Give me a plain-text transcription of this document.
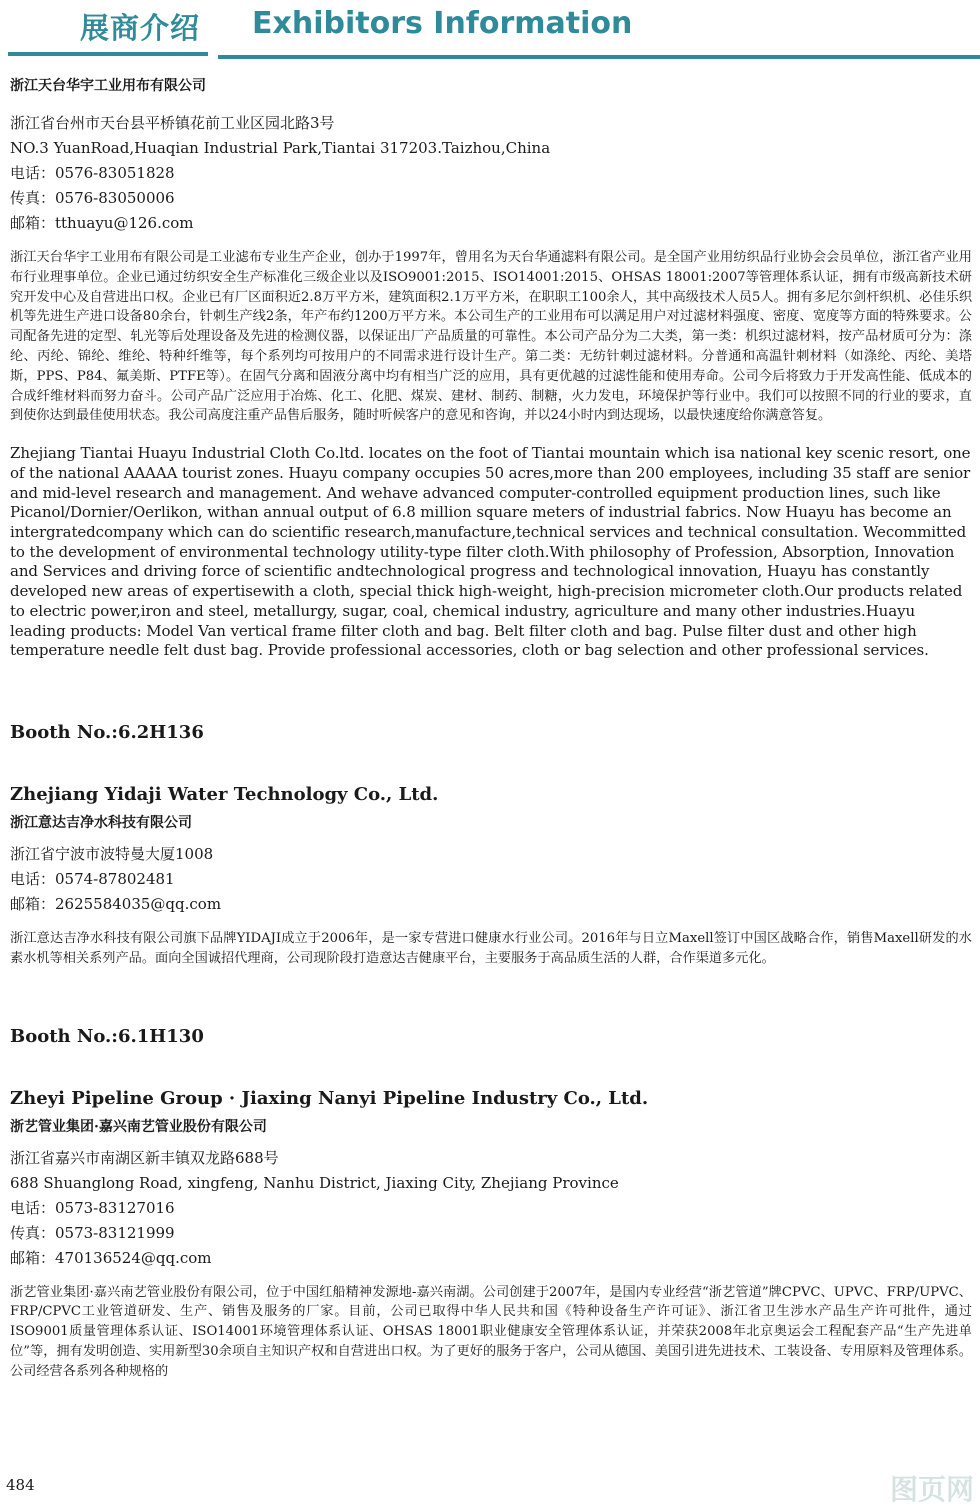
展商介绍 Exhibitors Information
浙江天台华宇工业用布有限公司
浙江省台州市天台县平桥镇花前工业区园北路3号
NO.3 YuanRoad,Huaqian Industrial Park,Tiantai 317203.Taizhou,China
电话：0576-83051828
传真：0576-83050006
邮箱：tthuayu@126.com
浙江天台华宇工业用布有限公司是工业滤布专业生产企业，创办于1997年，曾用名为天台华通滤料有限公司。是全国产业用纺织品行业协会会员单位，浙江省产业用布行业理事单位。企业已通过纺织安全生产标准化三级企业以及ISO9001:2015、ISO14001:2015、OHSAS 18001:2007等管理体系认证，拥有市级高新技术研究开发中心及自营进出口权。企业已有厂区面积近2.8万平方米，建筑面积2.1万平方米，在职职工100余人，其中高级技术人员5人。拥有多尼尔剑杆织机、必佳乐织机等先进生产进口设备80余台，针刺生产线2条，年产布约1200万平方米。本公司生产的工业用布可以满足用户对过滤材料强度、密度、宽度等方面的特殊要求。公司配备先进的定型、轧光等后处理设备及先进的检测仪器，以保证出厂产品质量的可靠性。本公司产品分为二大类，第一类：机织过滤材料，按产品材质可分为：涤纶、丙纶、锦纶、维纶、特种纤维等，每个系列均可按用户的不同需求进行设计生产。第二类：无纺针刺过滤材料。分普通和高温针刺材料（如涤纶、丙纶、美塔斯，PPS、P84、氟美斯、PTFE等）。在固气分离和固液分离中均有相当广泛的应用，具有更优越的过滤性能和使用寿命。公司今后将致力于开发高性能、低成本的合成纤维材料而努力奋斗。公司产品广泛应用于冶炼、化工、化肥、煤炭、建材、制药、制糖，火力发电，环境保护等行业中。我们可以按照不同的行业的要求，直到使你达到最佳使用状态。我公司高度注重产品售后服务，随时听候客户的意见和咨询，并以24小时内到达现场，以最快速度给你满意答复。
Zhejiang Tiantai Huayu Industrial Cloth Co.ltd. locates on the foot of Tiantai mountain which isa national key scenic resort, one of the national AAAAA tourist zones. Huayu company occupies 50 acres,more than 200 employees, including 35 staff are senior and mid-level research and management. And wehave advanced computer-controlled equipment production lines, such like Picanol/Dornier/Oerlikon, withan annual output of 6.8 million square meters of industrial fabrics. Now Huayu has become an intergratedcompany which can do scientific research,manufacture,technical services and technical consultation. Wecommitted to the development of environmental technology utility-type filter cloth.With philosophy of Profession, Absorption, Innovation and Services and driving force of scientific andtechnological progress and technological innovation, Huayu has constantly developed new areas of expertisewith a cloth, special thick high-weight, high-precision micrometer cloth.Our products related to electric power,iron and steel, metallurgy, sugar, coal, chemical industry, agriculture and many other industries.Huayu leading products: Model Van vertical frame filter cloth and bag. Belt filter cloth and bag. Pulse filter dust and other high temperature needle felt dust bag. Provide professional accessories, cloth or bag selection and other professional services.
Booth No.:6.2H136
Zhejiang Yidaji Water Technology Co., Ltd.
浙江意达吉净水科技有限公司
浙江省宁波市波特曼大厦1008
电话：0574-87802481
邮箱：2625584035@qq.com
浙江意达吉净水科技有限公司旗下品牌YIDAJI成立于2006年，是一家专营进口健康水行业公司。2016年与日立Maxell签订中国区战略合作，销售Maxell研发的水素水机等相关系列产品。面向全国诚招代理商，公司现阶段打造意达吉健康平台，主要服务于高品质生活的人群，合作渠道多元化。
Booth No.:6.1H130
Zheyi Pipeline Group · Jiaxing Nanyi Pipeline Industry Co., Ltd.
浙艺管业集团·嘉兴南艺管业股份有限公司
浙江省嘉兴市南湖区新丰镇双龙路688号
688 Shuanglong Road, xingfeng, Nanhu District, Jiaxing City, Zhejiang Province
电话：0573-83127016
传真：0573-83121999
邮箱：470136524@qq.com
浙艺管业集团·嘉兴南艺管业股份有限公司，位于中国红船精神发源地-嘉兴南湖。公司创建于2007年，是国内专业经营“浙艺管道”牌CPVC、UPVC、FRP/UPVC、FRP/CPVC工业管道研发、生产、销售及服务的厂家。目前，公司已取得中华人民共和国《特种设备生产许可证》、浙江省卫生涉水产品生产许可批件，通过ISO9001质量管理体系认证、ISO14001环境管理体系认证、OHSAS 18001职业健康安全管理体系认证，并荣获2008年北京奥运会工程配套产品“生产先进单位”等，拥有发明创造、实用新型30余项自主知识产权和自营进出口权。为了更好的服务于客户，公司从德国、美国引进先进技术、工装设备、专用原料及管理体系。公司经营各系列各种规格的
484	图页网
